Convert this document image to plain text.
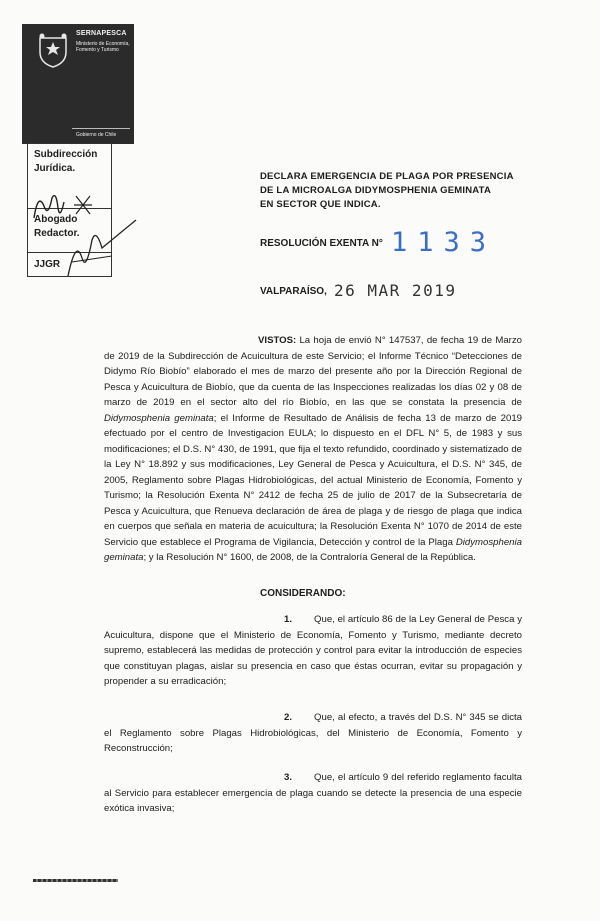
SERNAPESCA
Ministerio de Economía, Fomento y Turismo
Gobierno de Chile
Subdirección
Jurídica.
Abogado
Redactor.
JJGR
DECLARA EMERGENCIA DE PLAGA POR PRESENCIA
DE LA MICROALGA DIDYMOSPHENIA GEMINATA
EN SECTOR QUE INDICA.
RESOLUCIÓN EXENTA N° 1133
VALPARAÍSO, 26 MAR 2019
VISTOS: La hoja de envió N° 147537, de fecha 19 de Marzo de 2019 de la Subdirección de Acuicultura de este Servicio; el Informe Técnico “Detecciones de Didymo Río Biobío” elaborado el mes de marzo del presente año por la Dirección Regional de Pesca y Acuicultura de Biobío, que da cuenta de las Inspecciones realizadas los días 02 y 08 de marzo de 2019 en el sector alto del río Biobío, en las que se constata la presencia de Didymosphenia geminata; el Informe de Resultado de Análisis de fecha 13 de marzo de 2019 efectuado por el centro de Investigacion EULA; lo dispuesto en el DFL N° 5, de 1983 y sus modificaciones; el D.S. N° 430, de 1991, que fija el texto refundido, coordinado y sistematizado de la Ley N° 18.892 y sus modificaciones, Ley General de Pesca y Acuicultura, el D.S. N° 345, de 2005, Reglamento sobre Plagas Hidrobiológicas, del actual Ministerio de Economía, Fomento y Turismo; la Resolución Exenta N° 2412 de fecha 25 de julio de 2017 de la Subsecretaría de Pesca y Acuicultura, que Renueva declaración de área de plaga y de riesgo de plaga que indica en cuerpos que señala en materia de acuicultura; la Resolución Exenta N° 1070 de 2014 de este Servicio que establece el Programa de Vigilancia, Detección y control de la Plaga Didymosphenia geminata; y la Resolución N° 1600, de 2008, de la Contraloría General de la República.
CONSIDERANDO:
1. Que, el artículo 86 de la Ley General de Pesca y Acuicultura, dispone que el Ministerio de Economía, Fomento y Turismo, mediante decreto supremo, establecerá las medidas de protección y control para evitar la introducción de especies que constituyan plagas, aislar su presencia en caso que éstas ocurran, evitar su propagación y propender a su erradicación;
2. Que, al efecto, a través del D.S. N° 345 se dicta el Reglamento sobre Plagas Hidrobiológicas, del Ministerio de Economía, Fomento y Reconstrucción;
3. Que, el artículo 9 del referido reglamento faculta al Servicio para establecer emergencia de plaga cuando se detecte la presencia de una especie exótica invasiva;
